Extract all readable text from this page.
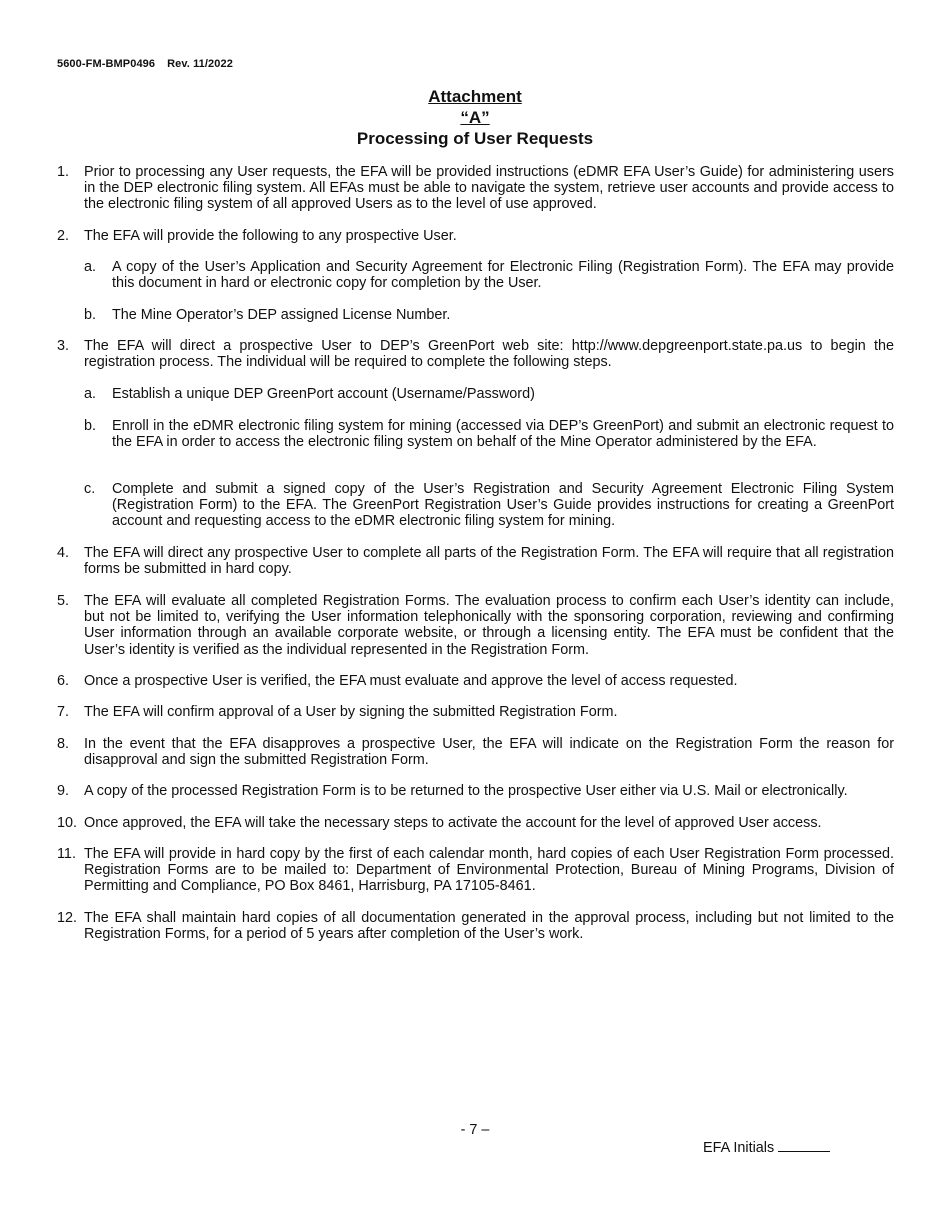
5600-FM-BMP0496 Rev. 11/2022
Attachment
“A”
Processing of User Requests
1. Prior to processing any User requests, the EFA will be provided instructions (eDMR EFA User’s Guide) for administering users in the DEP electronic filing system. All EFAs must be able to navigate the system, retrieve user accounts and provide access to the electronic filing system of all approved Users as to the level of use approved.
2. The EFA will provide the following to any prospective User.
a. A copy of the User’s Application and Security Agreement for Electronic Filing (Registration Form). The EFA may provide this document in hard or electronic copy for completion by the User.
b. The Mine Operator’s DEP assigned License Number.
3. The EFA will direct a prospective User to DEP’s GreenPort web site: http://www.depgreenport.state.pa.us to begin the registration process. The individual will be required to complete the following steps.
a. Establish a unique DEP GreenPort account (Username/Password)
b. Enroll in the eDMR electronic filing system for mining (accessed via DEP’s GreenPort) and submit an electronic request to the EFA in order to access the electronic filing system on behalf of the Mine Operator administered by the EFA.
c. Complete and submit a signed copy of the User’s Registration and Security Agreement Electronic Filing System (Registration Form) to the EFA. The GreenPort Registration User’s Guide provides instructions for creating a GreenPort account and requesting access to the eDMR electronic filing system for mining.
4. The EFA will direct any prospective User to complete all parts of the Registration Form. The EFA will require that all registration forms be submitted in hard copy.
5. The EFA will evaluate all completed Registration Forms. The evaluation process to confirm each User’s identity can include, but not be limited to, verifying the User information telephonically with the sponsoring corporation, reviewing and confirming User information through an available corporate website, or through a licensing entity. The EFA must be confident that the User’s identity is verified as the individual represented in the Registration Form.
6. Once a prospective User is verified, the EFA must evaluate and approve the level of access requested.
7. The EFA will confirm approval of a User by signing the submitted Registration Form.
8. In the event that the EFA disapproves a prospective User, the EFA will indicate on the Registration Form the reason for disapproval and sign the submitted Registration Form.
9. A copy of the processed Registration Form is to be returned to the prospective User either via U.S. Mail or electronically.
10. Once approved, the EFA will take the necessary steps to activate the account for the level of approved User access.
11. The EFA will provide in hard copy by the first of each calendar month, hard copies of each User Registration Form processed. Registration Forms are to be mailed to: Department of Environmental Protection, Bureau of Mining Programs, Division of Permitting and Compliance, PO Box 8461, Harrisburg, PA 17105-8461.
12. The EFA shall maintain hard copies of all documentation generated in the approval process, including but not limited to the Registration Forms, for a period of 5 years after completion of the User’s work.
- 7 –
EFA Initials
